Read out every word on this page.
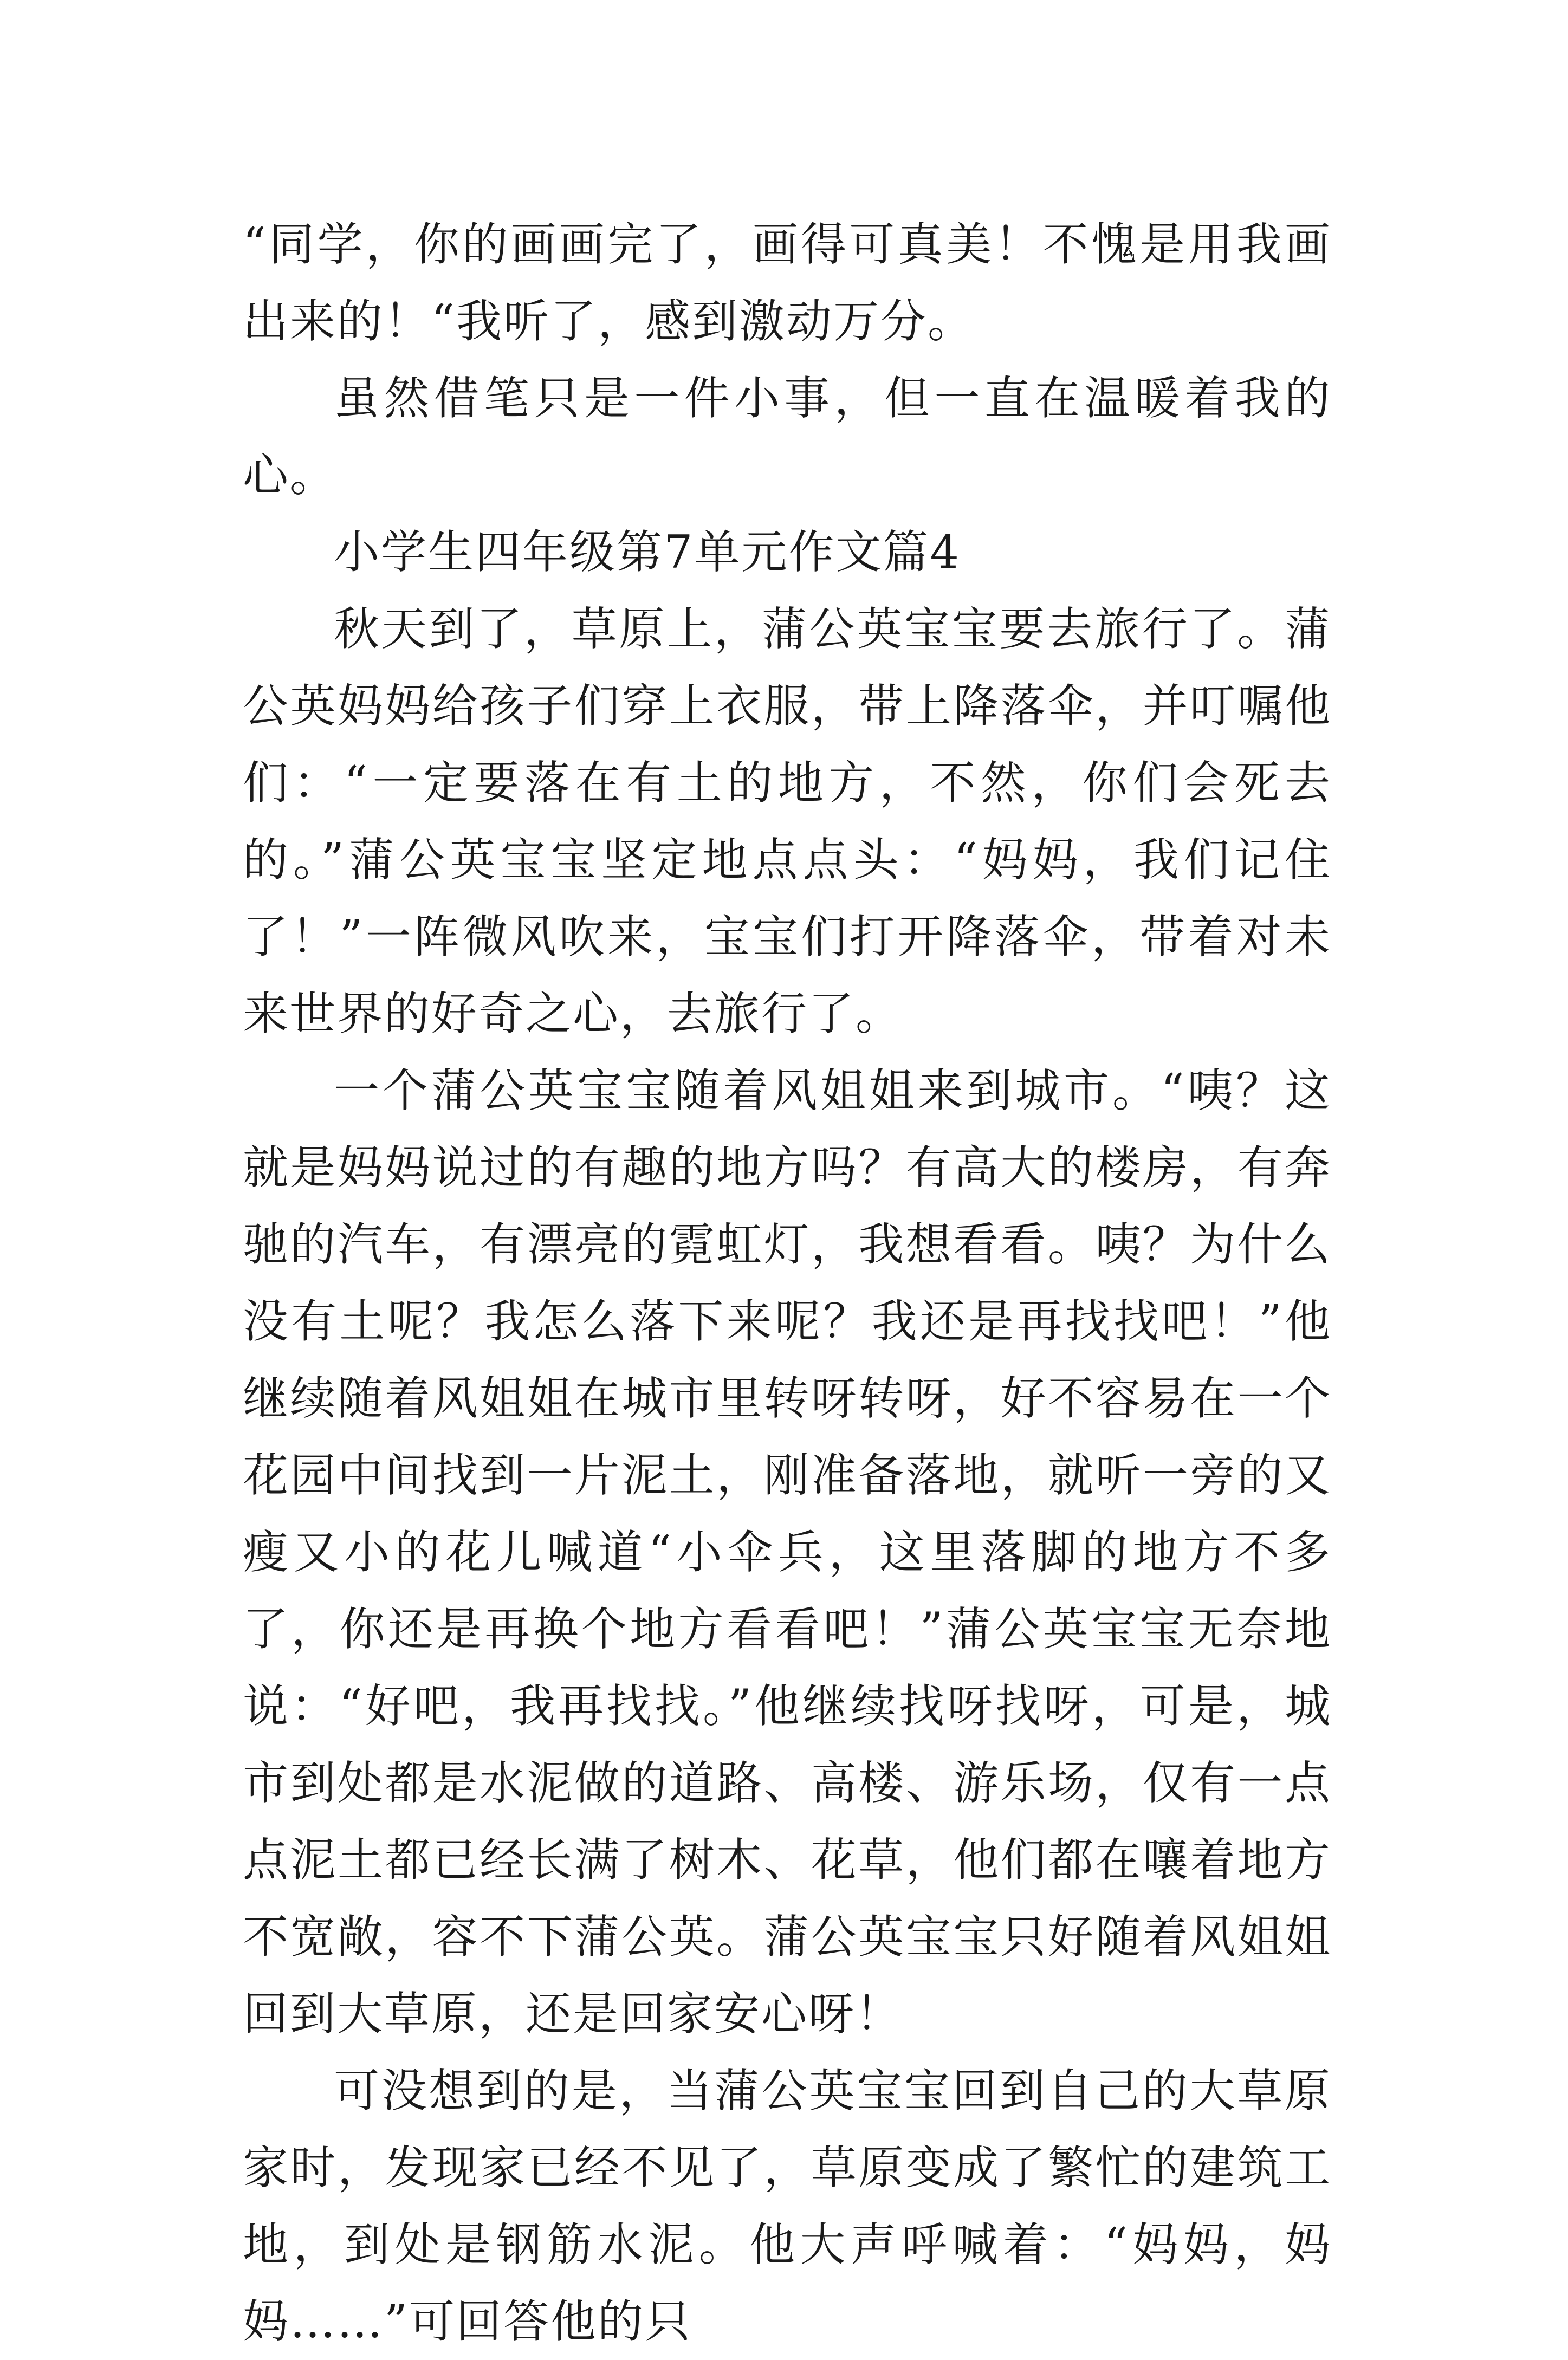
“同学，你的画画完了，画得可真美！不愧是用我画出来的！“我听了，感到激动万分。

虽然借笔只是一件小事，但一直在温暖着我的心。

小学生四年级第7单元作文篇4

秋天到了，草原上，蒲公英宝宝要去旅行了。蒲公英妈妈给孩子们穿上衣服，带上降落伞，并叮嘱他们：“一定要落在有土的地方，不然，你们会死去的。”蒲公英宝宝坚定地点点头：“妈妈，我们记住了！”一阵微风吹来，宝宝们打开降落伞，带着对未来世界的好奇之心，去旅行了。

一个蒲公英宝宝随着风姐姐来到城市。“咦？这就是妈妈说过的有趣的地方吗？有高大的楼房，有奔驰的汽车，有漂亮的霓虹灯，我想看看。咦？为什么没有土呢？我怎么落下来呢？我还是再找找吧！”他继续随着风姐姐在城市里转呀转呀，好不容易在一个花园中间找到一片泥土，刚准备落地，就听一旁的又瘦又小的花儿喊道“小伞兵，这里落脚的地方不多了，你还是再换个地方看看吧！”蒲公英宝宝无奈地说：“好吧，我再找找。”他继续找呀找呀，可是，城市到处都是水泥做的道路、高楼、游乐场，仅有一点点泥土都已经长满了树木、花草，他们都在嚷着地方不宽敞，容不下蒲公英。蒲公英宝宝只好随着风姐姐回到大草原，还是回家安心呀！

可没想到的是，当蒲公英宝宝回到自己的大草原家时，发现家已经不见了，草原变成了繁忙的建筑工地，到处是钢筋水泥。他大声呼喊着：“妈妈，妈妈……”可回答他的只
